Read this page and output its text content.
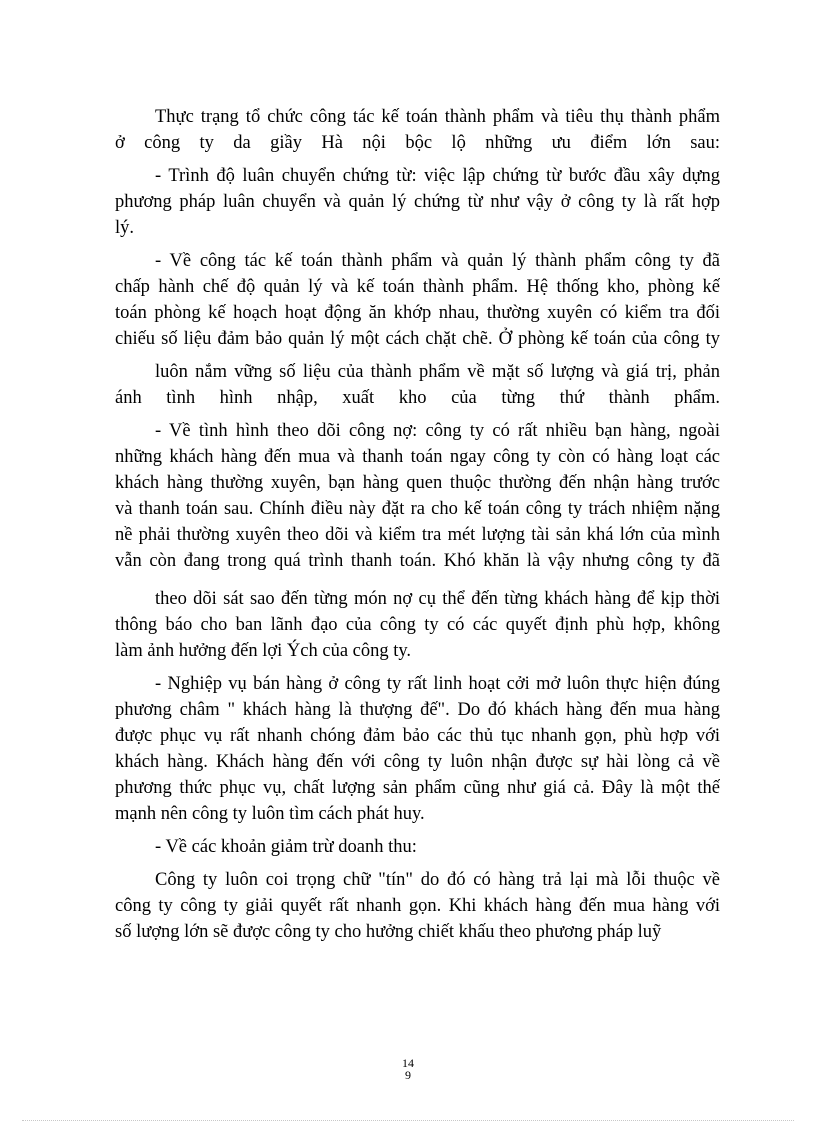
Thực trạng tổ chức công tác kế toán thành phẩm và tiêu thụ thành phẩm
ở công ty da giầy Hà nội bộc lộ những ưu điểm lớn sau:
- Trình độ luân chuyển chứng từ: việc lập chứng từ bước đầu xây dựng
phương pháp luân chuyển và quản lý chứng từ như vậy ở công ty là rất hợp
lý.
- Về công tác kế toán thành phẩm và quản lý thành phẩm công ty đã
chấp hành chế độ quản lý và kế toán thành phẩm. Hệ thống kho, phòng kế
toán phòng kế hoạch hoạt động ăn khớp nhau, thường xuyên có kiểm tra đối
chiếu số liệu đảm bảo quản lý một cách chặt chẽ. Ở phòng kế toán của công ty
luôn nắm vững số liệu của thành phẩm về mặt số lượng và giá trị, phản
ánh tình hình nhập, xuất kho của từng thứ thành phẩm.
- Về tình hình theo dõi công nợ: công ty có rất nhiều bạn hàng, ngoài
những khách hàng đến mua và thanh toán ngay công ty còn có hàng loạt các
khách hàng thường xuyên, bạn hàng quen thuộc thường đến nhận hàng trước
và thanh toán sau. Chính điều này đặt ra cho kế toán công ty trách nhiệm nặng
nề phải thường xuyên theo dõi và kiểm tra mét lượng tài sản khá lớn của mình
vẫn còn đang trong quá trình thanh toán. Khó khăn là vậy nhưng công ty đã
theo dõi sát sao đến từng món nợ cụ thể đến từng khách hàng để kịp thời
thông báo cho ban lãnh đạo của công ty có các quyết định phù hợp, không
làm ảnh hưởng đến lợi Ých của công ty.
- Nghiệp vụ bán hàng ở công ty rất linh hoạt cởi mở luôn thực hiện đúng
phương châm " khách hàng là thượng đế". Do đó khách hàng đến mua hàng
được phục vụ rất nhanh chóng đảm bảo các thủ tục nhanh gọn, phù hợp với
khách hàng. Khách hàng đến với công ty luôn nhận được sự hài lòng cả về
phương thức phục vụ, chất lượng sản phẩm cũng như giá cả. Đây là một thế
mạnh nên công ty luôn tìm cách phát huy.
- Về các khoản giảm trừ doanh thu:
Công ty luôn coi trọng chữ "tín" do đó có hàng trả lại mà lỗi thuộc về
công ty công ty giải quyết rất nhanh gọn. Khi khách hàng đến mua hàng với
số lượng lớn sẽ được công ty cho hưởng chiết khấu theo phương pháp luỹ
14
9
